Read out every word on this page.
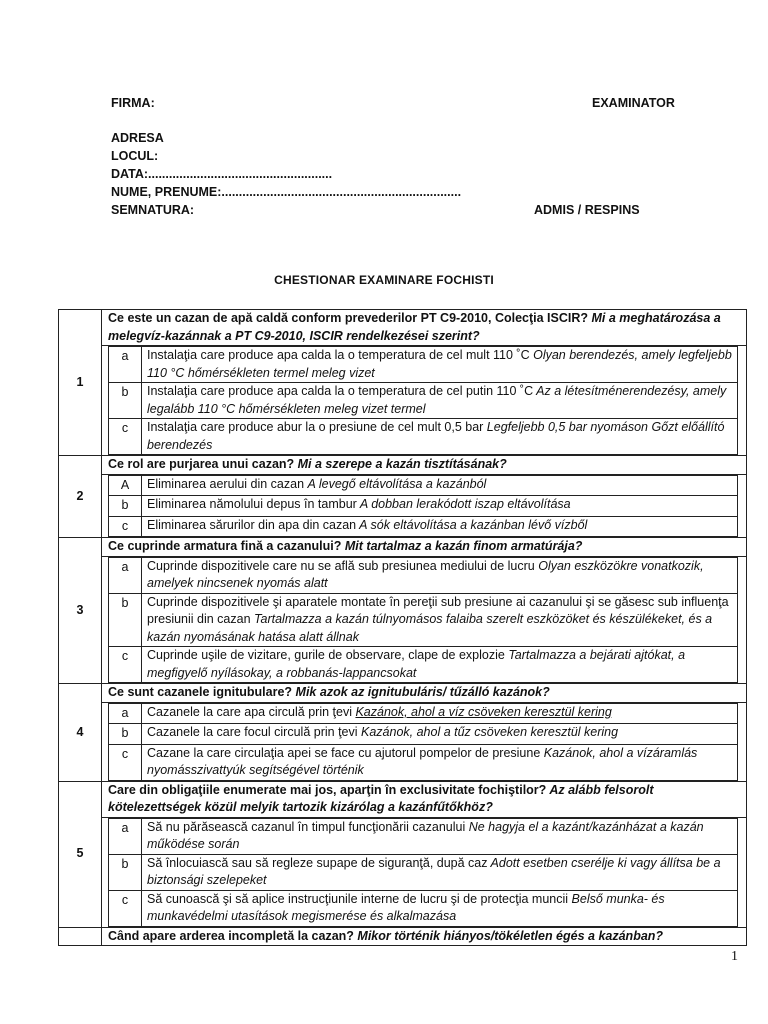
FIRMA:	EXAMINATOR
ADRESA
LOCUL:
DATA:.....................................................
NUME, PRENUME:.....................................................................
SEMNATURA:	ADMIS / RESPINS
CHESTIONAR EXAMINARE FOCHISTI
1	Ce este un cazan de apă caldă conform prevederilor PT C9-2010, Colecţia ISCIR? Mi a meghatározása a melegvíz-kazánnak a PT C9-2010, ISCIR rendelkezései szerint?

a	Instalaţia care produce apa calda la o temperatura de cel mult 110 ˚C Olyan berendezés, amely legfeljebb 110 °C hőmérsékleten termel meleg vizet
b	Instalaţia care produce apa calda la o temperatura de cel putin 110 ˚C Az a létesítménerendezésy, amely legalább 110 °C hőmérsékleten meleg vizet termel
c	Instalaţia care produce abur la o presiune de cel mult 0,5 bar Legfeljebb 0,5 bar nyomáson Gőzt előállító berendezés

2	Ce rol are purjarea unui cazan? Mi a szerepe a kazán tisztításának?

A	Eliminarea aerului din cazan A levegő eltávolítása a kazánból
b	Eliminarea nămolului depus în tambur A dobban lerakódott iszap eltávolítása
c	Eliminarea sărurilor din apa din cazan A sók eltávolítása a kazánban lévő vízből

3	Ce cuprinde armatura fină a cazanului? Mit tartalmaz a kazán finom armatúrája?

a	Cuprinde dispozitivele care nu se află sub presiunea mediului de lucru Olyan eszközökre vonatkozik, amelyek nincsenek nyomás alatt
b	Cuprinde dispozitivele şi aparatele montate în pereţii sub presiune ai cazanului şi se găsesc sub influenţa presiunii din cazan Tartalmazza a kazán túlnyomásos falaiba szerelt eszközöket és készülékeket, és a kazán nyomásának hatása alatt állnak
c	Cuprinde uşile de vizitare, gurile de observare, clape de explozie Tartalmazza a bejárati ajtókat, a megfigyelő nyílásokay, a robbanás-lappancsokat

4	Ce sunt cazanele ignitubulare? Mik azok az ignitubuláris/ tűzálló kazánok?

a	Cazanele la care apa circulă prin ţevi Kazánok, ahol a víz csöveken keresztül kering
b	Cazanele la care focul circulă prin ţevi Kazánok, ahol a tűz csöveken keresztül kering
c	Cazane la care circulaţia apei se face cu ajutorul pompelor de presiune Kazánok, ahol a vízáramlás nyomásszivattyúk segítségével történik

5	Care din obligaţiile enumerate mai jos, aparţin în exclusivitate fochiştilor? Az alább felsorolt kötelezettségek közül melyik tartozik kizárólag a kazánfűtőkhöz?

a	Să nu părăsească cazanul în timpul funcţionării cazanului Ne hagyja el a kazánt/kazánházat a kazán működése során
b	Să înlocuiască sau să regleze supape de siguranţă, după caz Adott esetben cserélje ki vagy állítsa be a biztonsági szelepeket
c	Să cunoască şi să aplice instrucţiunile interne de lucru şi de protecţia muncii Belső munka- és munkavédelmi utasítások megismerése és alkalmazása

	Când apare arderea incompletă la cazan? Mikor történik hiányos/tökéletlen égés a kazánban?
1
